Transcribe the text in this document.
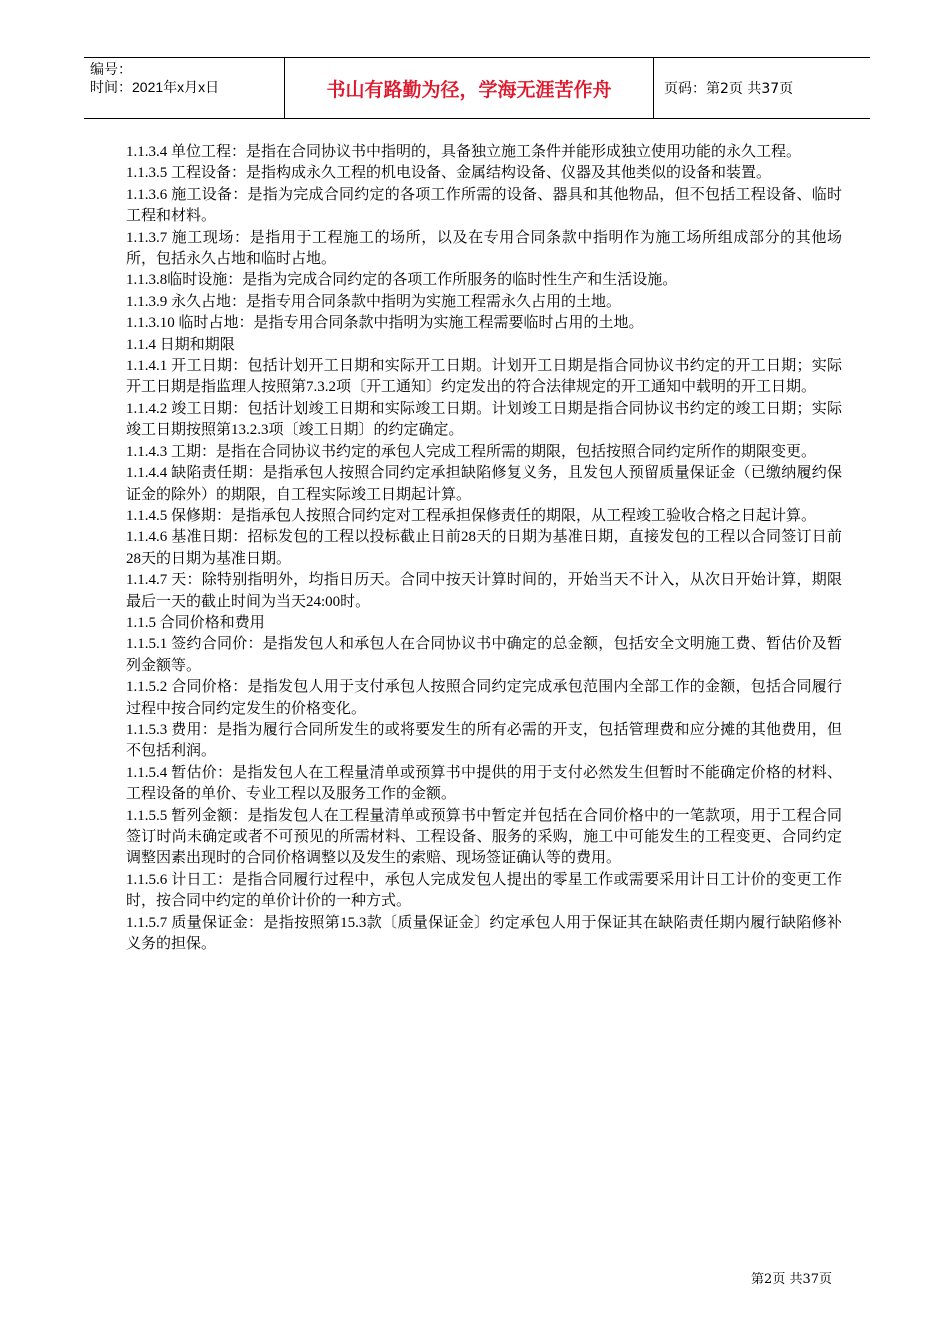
编号：
时间：2021年x月x日	书山有路勤为径，学海无涯苦作舟	页码：第2页 共37页

1.1.3.4 单位工程：是指在合同协议书中指明的，具备独立施工条件并能形成独立使用功能的永久工程。

1.1.3.5 工程设备：是指构成永久工程的机电设备、金属结构设备、仪器及其他类似的设备和装置。

1.1.3.6 施工设备：是指为完成合同约定的各项工作所需的设备、器具和其他物品，但不包括工程设备、临时工程和材料。

1.1.3.7 施工现场：是指用于工程施工的场所，以及在专用合同条款中指明作为施工场所组成部分的其他场所，包括永久占地和临时占地。

1.1.3.8临时设施：是指为完成合同约定的各项工作所服务的临时性生产和生活设施。

1.1.3.9 永久占地：是指专用合同条款中指明为实施工程需永久占用的土地。

1.1.3.10 临时占地：是指专用合同条款中指明为实施工程需要临时占用的土地。

1.1.4 日期和期限

1.1.4.1 开工日期：包括计划开工日期和实际开工日期。计划开工日期是指合同协议书约定的开工日期；实际开工日期是指监理人按照第7.3.2项〔开工通知〕约定发出的符合法律规定的开工通知中载明的开工日期。

1.1.4.2 竣工日期：包括计划竣工日期和实际竣工日期。计划竣工日期是指合同协议书约定的竣工日期；实际竣工日期按照第13.2.3项〔竣工日期〕的约定确定。

1.1.4.3 工期：是指在合同协议书约定的承包人完成工程所需的期限，包括按照合同约定所作的期限变更。

1.1.4.4 缺陷责任期：是指承包人按照合同约定承担缺陷修复义务，且发包人预留质量保证金（已缴纳履约保证金的除外）的期限，自工程实际竣工日期起计算。

1.1.4.5 保修期：是指承包人按照合同约定对工程承担保修责任的期限，从工程竣工验收合格之日起计算。

1.1.4.6 基准日期：招标发包的工程以投标截止日前28天的日期为基准日期，直接发包的工程以合同签订日前28天的日期为基准日期。

1.1.4.7 天：除特别指明外，均指日历天。合同中按天计算时间的，开始当天不计入，从次日开始计算，期限最后一天的截止时间为当天24:00时。

1.1.5 合同价格和费用

1.1.5.1 签约合同价：是指发包人和承包人在合同协议书中确定的总金额，包括安全文明施工费、暂估价及暂列金额等。

1.1.5.2 合同价格：是指发包人用于支付承包人按照合同约定完成承包范围内全部工作的金额，包括合同履行过程中按合同约定发生的价格变化。

1.1.5.3 费用：是指为履行合同所发生的或将要发生的所有必需的开支，包括管理费和应分摊的其他费用，但不包括利润。

1.1.5.4 暂估价：是指发包人在工程量清单或预算书中提供的用于支付必然发生但暂时不能确定价格的材料、工程设备的单价、专业工程以及服务工作的金额。

1.1.5.5 暂列金额：是指发包人在工程量清单或预算书中暂定并包括在合同价格中的一笔款项，用于工程合同签订时尚未确定或者不可预见的所需材料、工程设备、服务的采购，施工中可能发生的工程变更、合同约定调整因素出现时的合同价格调整以及发生的索赔、现场签证确认等的费用。

1.1.5.6 计日工：是指合同履行过程中，承包人完成发包人提出的零星工作或需要采用计日工计价的变更工作时，按合同中约定的单价计价的一种方式。

1.1.5.7 质量保证金：是指按照第15.3款〔质量保证金〕约定承包人用于保证其在缺陷责任期内履行缺陷修补义务的担保。

第2页 共37页
